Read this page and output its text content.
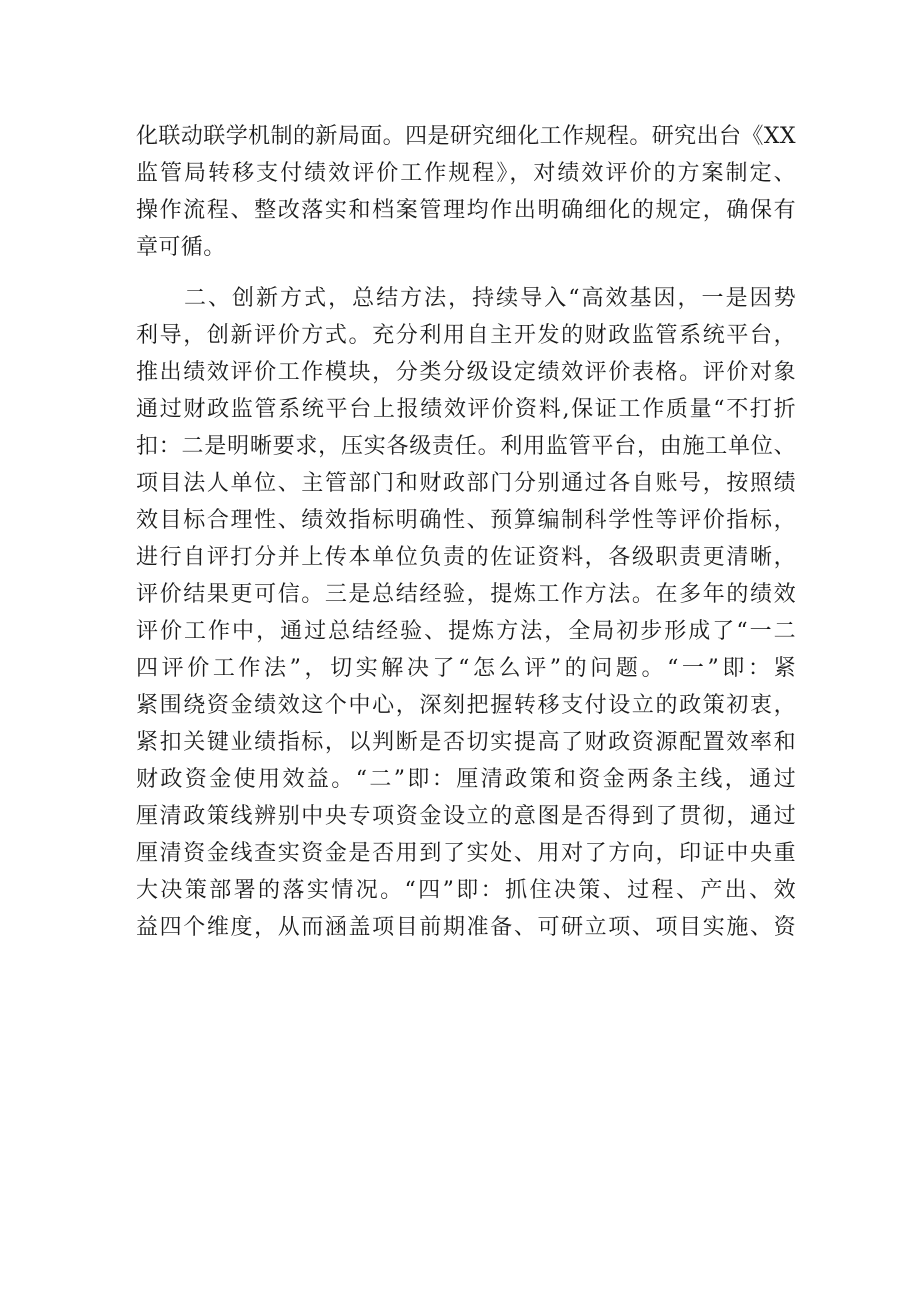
化联动联学机制的新局面。四是研究细化工作规程。研究出台《XX
监管局转移支付绩效评价工作规程》，对绩效评价的方案制定、
操作流程、整改落实和档案管理均作出明确细化的规定，确保有
章可循。
二、创新方式，总结方法，持续导入“高效基因，一是因势
利导，创新评价方式。充分利用自主开发的财政监管系统平台，
推出绩效评价工作模块，分类分级设定绩效评价表格。评价对象
通过财政监管系统平台上报绩效评价资料,保证工作质量“不打折
扣：二是明晰要求，压实各级责任。利用监管平台，由施工单位、
项目法人单位、主管部门和财政部门分别通过各自账号，按照绩
效目标合理性、绩效指标明确性、预算编制科学性等评价指标，
进行自评打分并上传本单位负责的佐证资料，各级职责更清晰，
评价结果更可信。三是总结经验，提炼工作方法。在多年的绩效
评价工作中，通过总结经验、提炼方法，全局初步形成了“一二
四评价工作法”，切实解决了“怎么评”的问题。“一”即：紧
紧围绕资金绩效这个中心，深刻把握转移支付设立的政策初衷，
紧扣关键业绩指标，以判断是否切实提高了财政资源配置效率和
财政资金使用效益。“二”即：厘清政策和资金两条主线，通过
厘清政策线辨别中央专项资金设立的意图是否得到了贯彻，通过
厘清资金线查实资金是否用到了实处、用对了方向，印证中央重
大决策部署的落实情况。“四”即：抓住决策、过程、产出、效
益四个维度，从而涵盖项目前期准备、可研立项、项目实施、资
